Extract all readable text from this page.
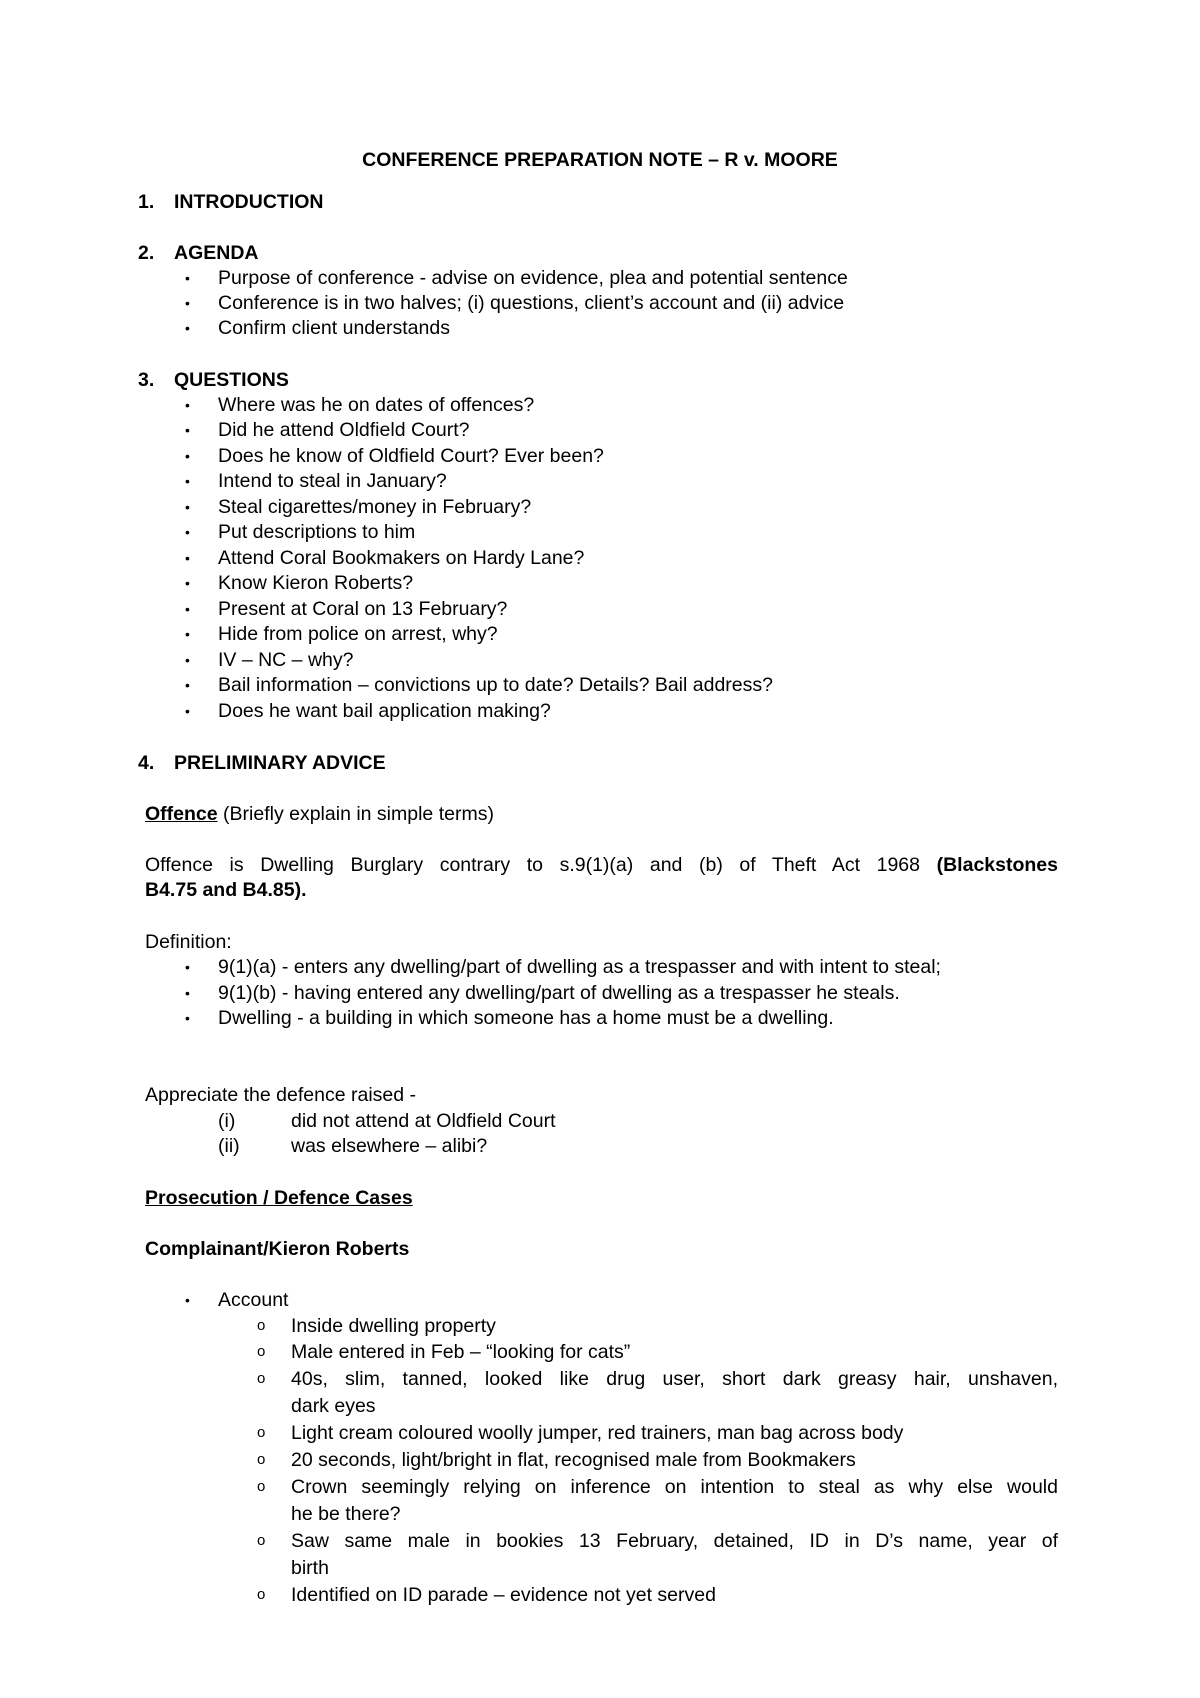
CONFERENCE PREPARATION NOTE – R v. MOORE
1. INTRODUCTION
2. AGENDA
• Purpose of conference - advise on evidence, plea and potential sentence
• Conference is in two halves; (i) questions, client’s account and (ii) advice
• Confirm client understands
3. QUESTIONS
• Where was he on dates of offences?
• Did he attend Oldfield Court?
• Does he know of Oldfield Court? Ever been?
• Intend to steal in January?
• Steal cigarettes/money in February?
• Put descriptions to him
• Attend Coral Bookmakers on Hardy Lane?
• Know Kieron Roberts?
• Present at Coral on 13 February?
• Hide from police on arrest, why?
• IV – NC – why?
• Bail information – convictions up to date? Details? Bail address?
• Does he want bail application making?
4. PRELIMINARY ADVICE
Offence (Briefly explain in simple terms)
Offence is Dwelling Burglary contrary to s.9(1)(a) and (b) of Theft Act 1968 (Blackstones
B4.75 and B4.85).
Definition:
• 9(1)(a) - enters any dwelling/part of dwelling as a trespasser and with intent to steal;
• 9(1)(b) - having entered any dwelling/part of dwelling as a trespasser he steals.
• Dwelling - a building in which someone has a home must be a dwelling.
Appreciate the defence raised -
(i)	did not attend at Oldfield Court
(ii)	was elsewhere – alibi?
Prosecution / Defence Cases
Complainant/Kieron Roberts
• Account
o Inside dwelling property
o Male entered in Feb – “looking for cats”
o 40s, slim, tanned, looked like drug user, short dark greasy hair, unshaven,
dark eyes
o Light cream coloured woolly jumper, red trainers, man bag across body
o 20 seconds, light/bright in flat, recognised male from Bookmakers
o Crown seemingly relying on inference on intention to steal as why else would
he be there?
o Saw same male in bookies 13 February, detained, ID in D’s name, year of
birth
o Identified on ID parade – evidence not yet served
